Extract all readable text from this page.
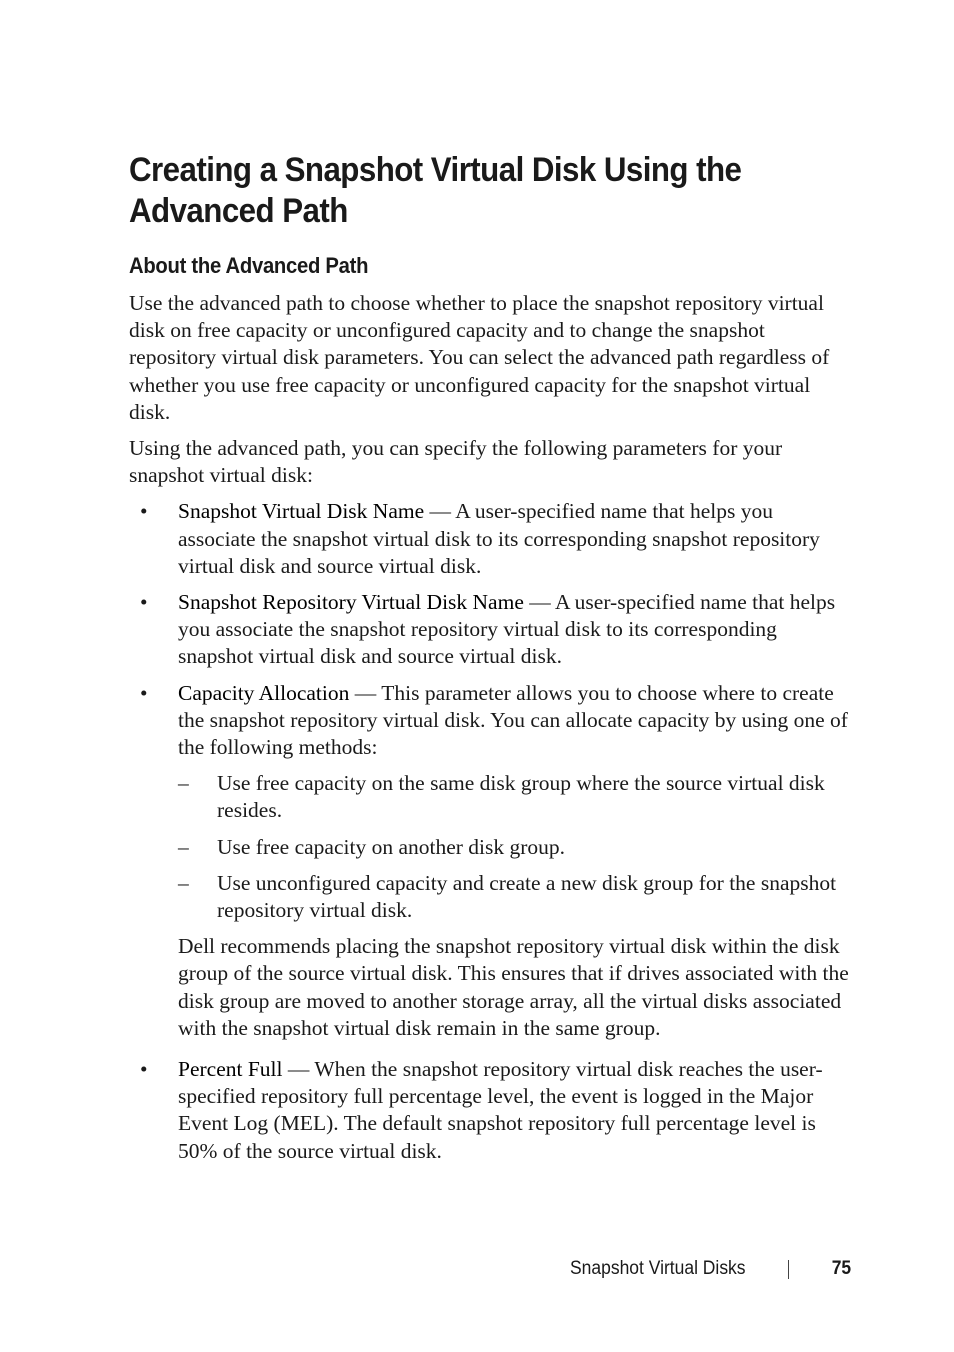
Creating a Snapshot Virtual Disk Using the Advanced Path
About the Advanced Path

Use the advanced path to choose whether to place the snapshot repository virtual disk on free capacity or unconfigured capacity and to change the snapshot repository virtual disk parameters. You can select the advanced path regardless of whether you use free capacity or unconfigured capacity for the snapshot virtual disk.

Using the advanced path, you can specify the following parameters for your snapshot virtual disk:

• Snapshot Virtual Disk Name — A user-specified name that helps you associate the snapshot virtual disk to its corresponding snapshot repository virtual disk and source virtual disk.
• Snapshot Repository Virtual Disk Name — A user-specified name that helps you associate the snapshot repository virtual disk to its corresponding snapshot virtual disk and source virtual disk.
• Capacity Allocation — This parameter allows you to choose where to create the snapshot repository virtual disk. You can allocate capacity by using one of the following methods:
– Use free capacity on the same disk group where the source virtual disk resides.
– Use free capacity on another disk group.
– Use unconfigured capacity and create a new disk group for the snapshot repository virtual disk.
Dell recommends placing the snapshot repository virtual disk within the disk group of the source virtual disk. This ensures that if drives associated with the disk group are moved to another storage array, all the virtual disks associated with the snapshot virtual disk remain in the same group.
• Percent Full — When the snapshot repository virtual disk reaches the user-specified repository full percentage level, the event is logged in the Major Event Log (MEL). The default snapshot repository full percentage level is 50% of the source virtual disk.
Snapshot Virtual Disks	75
